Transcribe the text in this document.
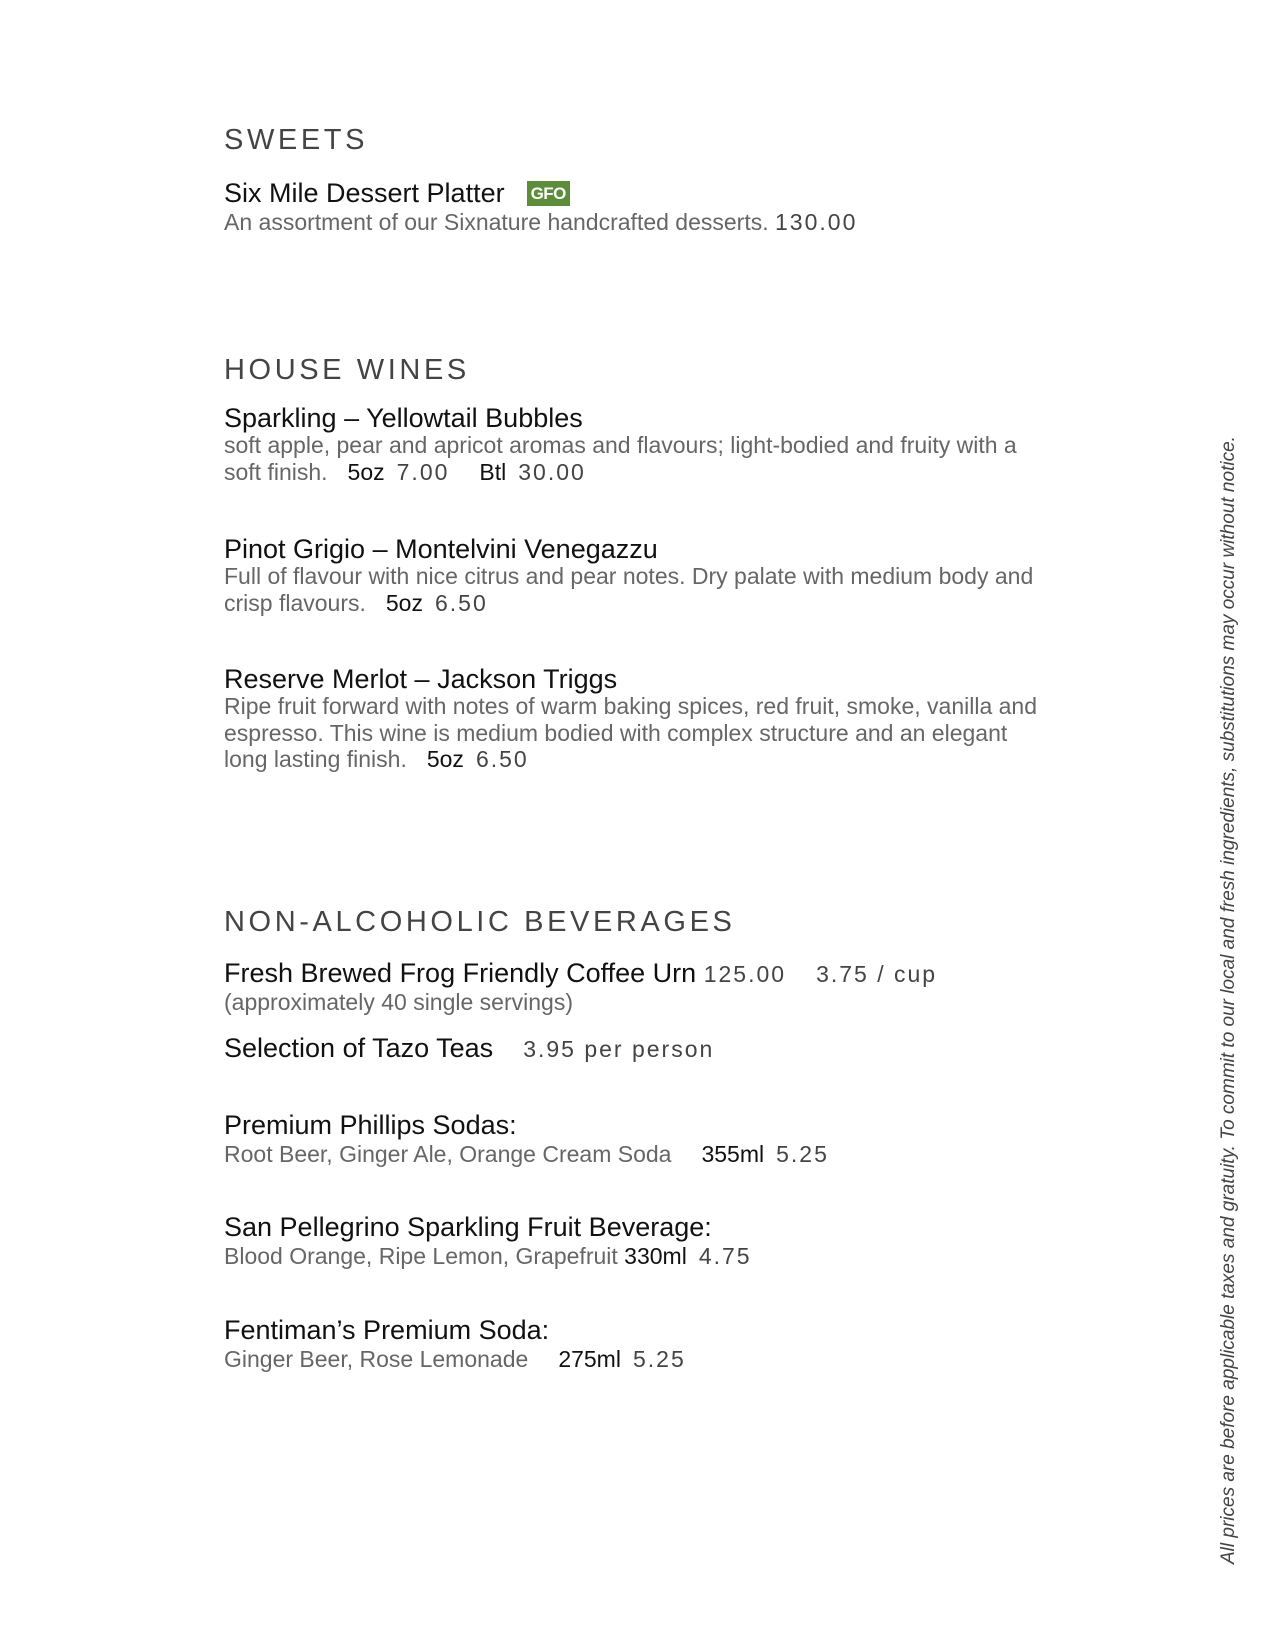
SWEETS
Six Mile Dessert Platter GFO
An assortment of our Sixnature handcrafted desserts. 130.00
HOUSE WINES
Sparkling – Yellowtail Bubbles
soft apple, pear and apricot aromas and flavours; light-bodied and fruity with a
soft finish. 5oz 7.00 Btl 30.00
Pinot Grigio – Montelvini Venegazzu
Full of flavour with nice citrus and pear notes. Dry palate with medium body and
crisp flavours. 5oz 6.50
Reserve Merlot – Jackson Triggs
Ripe fruit forward with notes of warm baking spices, red fruit, smoke, vanilla and
espresso. This wine is medium bodied with complex structure and an elegant
long lasting finish. 5oz 6.50
NON-ALCOHOLIC BEVERAGES
Fresh Brewed Frog Friendly Coffee Urn 125.00 3.75 / cup
(approximately 40 single servings)
Selection of Tazo Teas 3.95 per person
Premium Phillips Sodas:
Root Beer, Ginger Ale, Orange Cream Soda 355ml 5.25
San Pellegrino Sparkling Fruit Beverage:
Blood Orange, Ripe Lemon, Grapefruit 330ml 4.75
Fentiman’s Premium Soda:
Ginger Beer, Rose Lemonade 275ml 5.25	All prices are before applicable taxes and gratuity. To commit to our local and fresh ingredients, substitutions may occur without notice.
